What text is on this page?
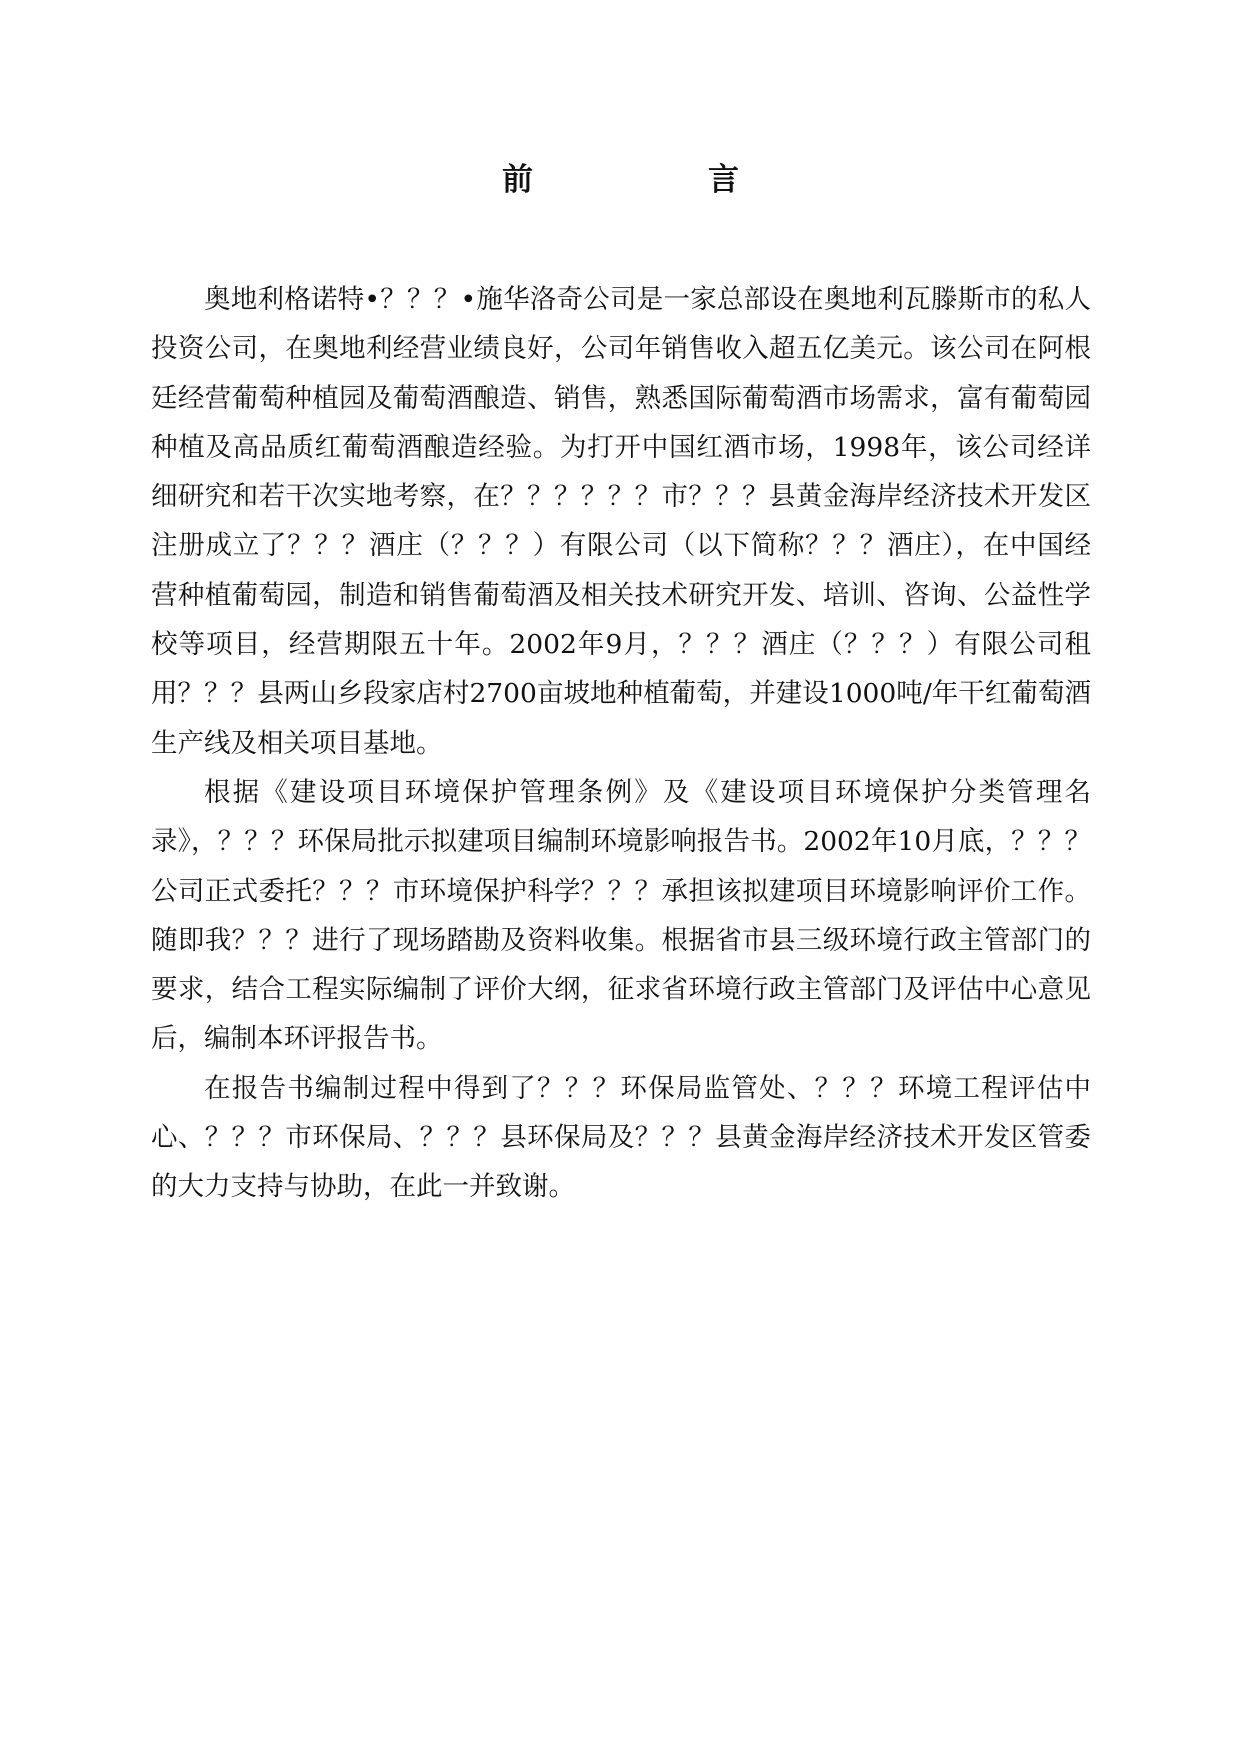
前　言

奥地利格诺特•？？？•施华洛奇公司是一家总部设在奥地利瓦滕斯市的私人投资公司，在奥地利经营业绩良好，公司年销售收入超五亿美元。该公司在阿根廷经营葡萄种植园及葡萄酒酿造、销售，熟悉国际葡萄酒市场需求，富有葡萄园种植及高品质红葡萄酒酿造经验。为打开中国红酒市场，1998年，该公司经详细研究和若干次实地考察，在？？？？？？市？？？县黄金海岸经济技术开发区注册成立了？？？酒庄（？？？）有限公司（以下简称？？？酒庄），在中国经营种植葡萄园，制造和销售葡萄酒及相关技术研究开发、培训、咨询、公益性学校等项目，经营期限五十年。2002年9月，？？？酒庄（？？？）有限公司租用？？？县两山乡段家店村2700亩坡地种植葡萄，并建设1000吨/年干红葡萄酒生产线及相关项目基地。

根据《建设项目环境保护管理条例》及《建设项目环境保护分类管理名录》，？？？环保局批示拟建项目编制环境影响报告书。2002年10月底，？？？公司正式委托？？？市环境保护科学？？？承担该拟建项目环境影响评价工作。随即我？？？进行了现场踏勘及资料收集。根据省市县三级环境行政主管部门的要求，结合工程实际编制了评价大纲，征求省环境行政主管部门及评估中心意见后，编制本环评报告书。

在报告书编制过程中得到了？？？环保局监管处、？？？环境工程评估中心、？？？市环保局、？？？县环保局及？？？县黄金海岸经济技术开发区管委的大力支持与协助，在此一并致谢。
